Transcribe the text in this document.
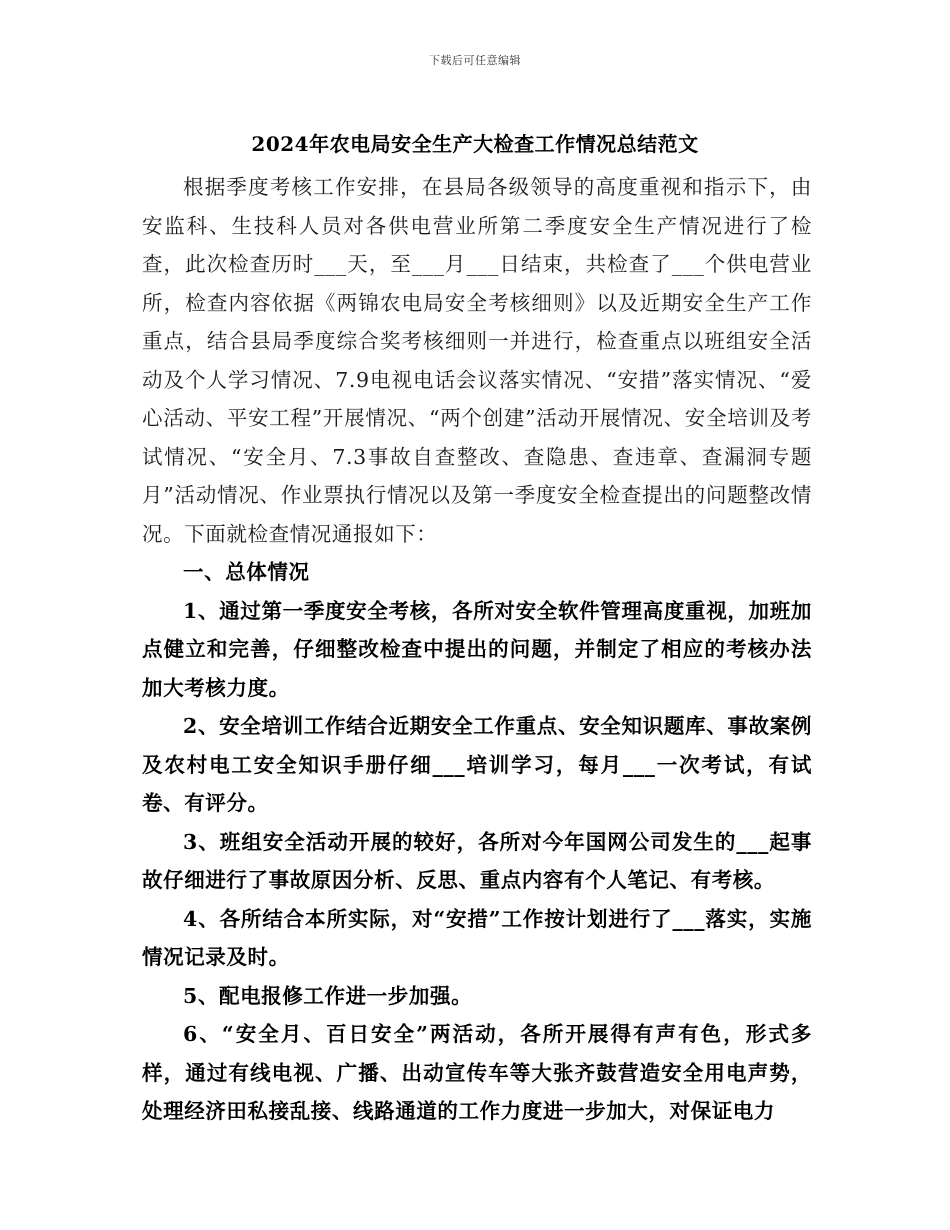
下载后可任意编辑
2024年农电局安全生产大检查工作情况总结范文

根据季度考核工作安排，在县局各级领导的高度重视和指示下，由安监科、生技科人员对各供电营业所第二季度安全生产情况进行了检查，此次检查历时___天，至___月___日结束，共检查了___个供电营业所，检查内容依据《两锦农电局安全考核细则》以及近期安全生产工作重点，结合县局季度综合奖考核细则一并进行，检查重点以班组安全活动及个人学习情况、7.9电视电话会议落实情况、“安措”落实情况、“爱心活动、平安工程”开展情况、“两个创建”活动开展情况、安全培训及考试情况、“安全月、7.3事故自查整改、查隐患、查违章、查漏洞专题月”活动情况、作业票执行情况以及第一季度安全检查提出的问题整改情况。下面就检查情况通报如下：

一、总体情况

1、通过第一季度安全考核，各所对安全软件管理高度重视，加班加点健立和完善，仔细整改检查中提出的问题，并制定了相应的考核办法加大考核力度。

2、安全培训工作结合近期安全工作重点、安全知识题库、事故案例及农村电工安全知识手册仔细___培训学习，每月___一次考试，有试卷、有评分。

3、班组安全活动开展的较好，各所对今年国网公司发生的___起事故仔细进行了事故原因分析、反思、重点内容有个人笔记、有考核。

4、各所结合本所实际，对“安措”工作按计划进行了___落实，实施情况记录及时。

5、配电报修工作进一步加强。

6、“安全月、百日安全”两活动，各所开展得有声有色，形式多样，通过有线电视、广播、出动宣传车等大张齐鼓营造安全用电声势，处理经济田私接乱接、线路通道的工作力度进一步加大，对保证电力
